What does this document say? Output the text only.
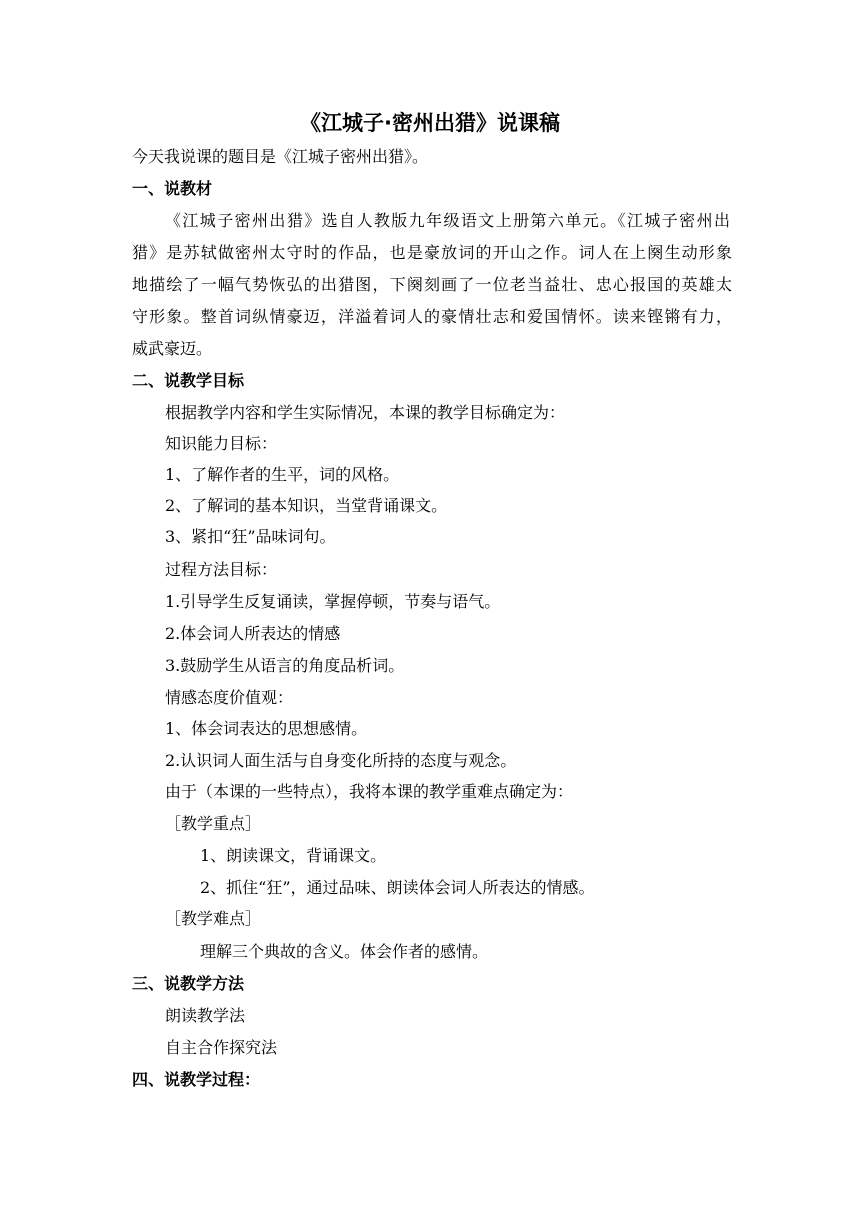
《江城子·密州出猎》说课稿
今天我说课的题目是《江城子密州出猎》。
一、说教材
《江城子密州出猎》选自人教版九年级语文上册第六单元。《江城子密州出
猎》是苏轼做密州太守时的作品，也是豪放词的开山之作。词人在上阕生动形象
地描绘了一幅气势恢弘的出猎图，下阕刻画了一位老当益壮、忠心报国的英雄太
守形象。整首词纵情豪迈，洋溢着词人的豪情壮志和爱国情怀。读来铿锵有力，
威武豪迈。
二、说教学目标
根据教学内容和学生实际情况，本课的教学目标确定为：
知识能力目标：
1、了解作者的生平，词的风格。
2、了解词的基本知识，当堂背诵课文。
3、紧扣“狂”品味词句。
过程方法目标：
1.引导学生反复诵读，掌握停顿，节奏与语气。
2.体会词人所表达的情感
3.鼓励学生从语言的角度品析词。
情感态度价值观：
1、体会词表达的思想感情。
2.认识词人面生活与自身变化所持的态度与观念。
由于（本课的一些特点），我将本课的教学重难点确定为：
［教学重点］
1、朗读课文，背诵课文。
2、抓住“狂”，通过品味、朗读体会词人所表达的情感。
［教学难点］
理解三个典故的含义。体会作者的感情。
三、说教学方法
朗读教学法
自主合作探究法
四、说教学过程：
